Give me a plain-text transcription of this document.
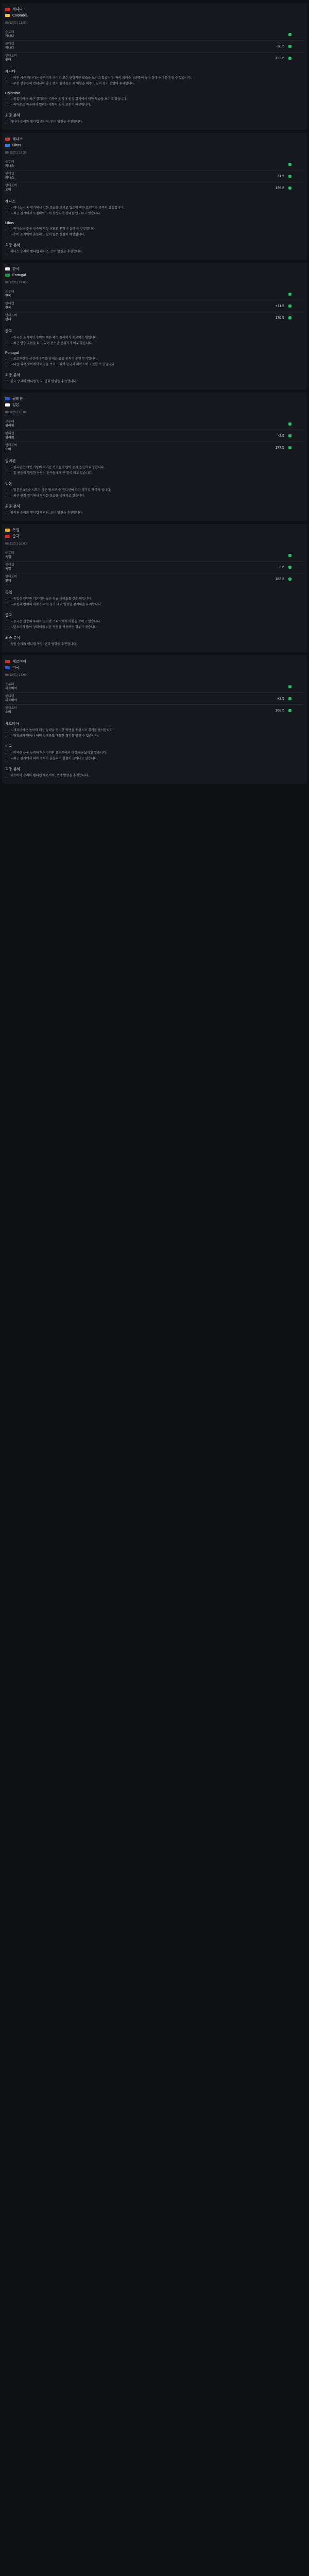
캐나다
Colombia
09/12(토) 13:00
승무패
캐나다
핸디캡
캐나다
-30.5
언더오버
언더
133.5
캐나다
• ㄴ이번 시즌 캐나다는 공격력과 수비력 모두 안정적인 모습을 보이고 있습니다. 특히 외곽슛 성공률이 높아 상대 수비를 흔들 수 있습니다.
• ㄴ주전 선수들의 컨디션이 좋고 벤치 멤버들도 제 역할을 해주고 있어 경기 운영에 유리합니다.
Colombia
• ㄴ콜롬비아는 최근 경기력이 기복이 심하며 원정 경기에서 약한 모습을 보이고 있습니다.
• ㄴ리바운드 싸움에서 밀리는 경향이 있어 고전이 예상됩니다.
최종 분석
• 캐나다 승리와 핸디캡 캐나다, 언더 방향을 추천합니다.
레나스
Libas
09/12(토) 13:30
승무패
레나스
핸디캡
레나스
-11.5
언더오버
오버
139.5
레나스
• ㄴ레나스는 홈 경기에서 강한 모습을 보이고 있으며 빠른 트랜지션 공격이 강점입니다.
• ㄴ최근 경기에서 득점력이 크게 향상되어 상대를 압도하고 있습니다.
Libas
• ㄴ리바스는 주축 선수의 부상 이탈로 전력 손실이 큰 상황입니다.
• ㄴ수비 조직력이 흔들리고 있어 많은 실점이 예상됩니다.
최종 분석
• 레나스 승리와 핸디캡 레나스, 오버 방향을 추천합니다.
한국
Portugal
09/12(토) 14:00
승무패
한국
핸디캡
한국
+11.5
언더오버
언더
170.5
한국
• ㄴ한국은 조직적인 수비와 빠른 패스 플레이가 돋보이는 팀입니다.
• ㄴ최근 연승 흐름을 타고 있어 선수단 분위기가 매우 좋습니다.
Portugal
• ㄴ포르투갈은 신장의 우위를 앞세운 골밑 공격이 주된 무기입니다.
• ㄴ다만 외곽 수비에서 허점을 보이고 있어 한국의 외곽포에 고전할 수 있습니다.
최종 분석
• 한국 승리와 핸디캡 한국, 언더 방향을 추천합니다.
필리핀
일본
09/12(토) 15:00
승무패
필리핀
핸디캡
필리핀
-2.5
언더오버
오버
177.5
필리핀
• ㄴ필리핀은 개인 기량이 뛰어난 선수들이 많아 공격 옵션이 다양합니다.
• ㄴ홈 팬들의 열렬한 응원이 선수들에게 큰 힘이 되고 있습니다.
일본
• ㄴ일본은 3점슛 시도가 많은 팀으로 슛 컨디션에 따라 경기력 차이가 큽니다.
• ㄴ최근 원정 경기에서 부진한 모습을 이어가고 있습니다.
최종 분석
• 필리핀 승리와 핸디캡 필리핀, 오버 방향을 추천합니다.
독일
중국
09/12(토) 16:00
승무패
독일
핸디캡
독일
-3.5
언더오버
언더
183.5
독일
• ㄴ독일은 탄탄한 기본기와 높은 전술 이해도를 갖춘 팀입니다.
• ㄴ주전과 벤치의 격차가 작아 경기 내내 일정한 경기력을 유지합니다.
중국
• ㄴ중국은 신장의 우위가 있지만 스피드에서 약점을 보이고 있습니다.
• ㄴ턴오버가 많아 상대에게 쉬운 득점을 허용하는 경우가 잦습니다.
최종 분석
• 독일 승리와 핸디캡 독일, 언더 방향을 추천합니다.
세르비아
미국
09/12(토) 17:00
승무패
세르비아
핸디캡
세르비아
+2.5
언더오버
오버
168.5
세르비아
• ㄴ세르비아는 높이와 패싱 능력을 겸비한 빅맨을 중심으로 경기를 풀어갑니다.
• ㄴ팀워크가 뛰어나 어떤 상대와도 대등한 경기를 펼칠 수 있습니다.
미국
• ㄴ미국은 운동 능력이 뛰어나지만 조직력에서 아쉬움을 보이고 있습니다.
• ㄴ최근 경기에서 외곽 수비가 흔들리며 실점이 늘어나고 있습니다.
최종 분석
• 세르비아 승리와 핸디캡 세르비아, 오버 방향을 추천합니다.
